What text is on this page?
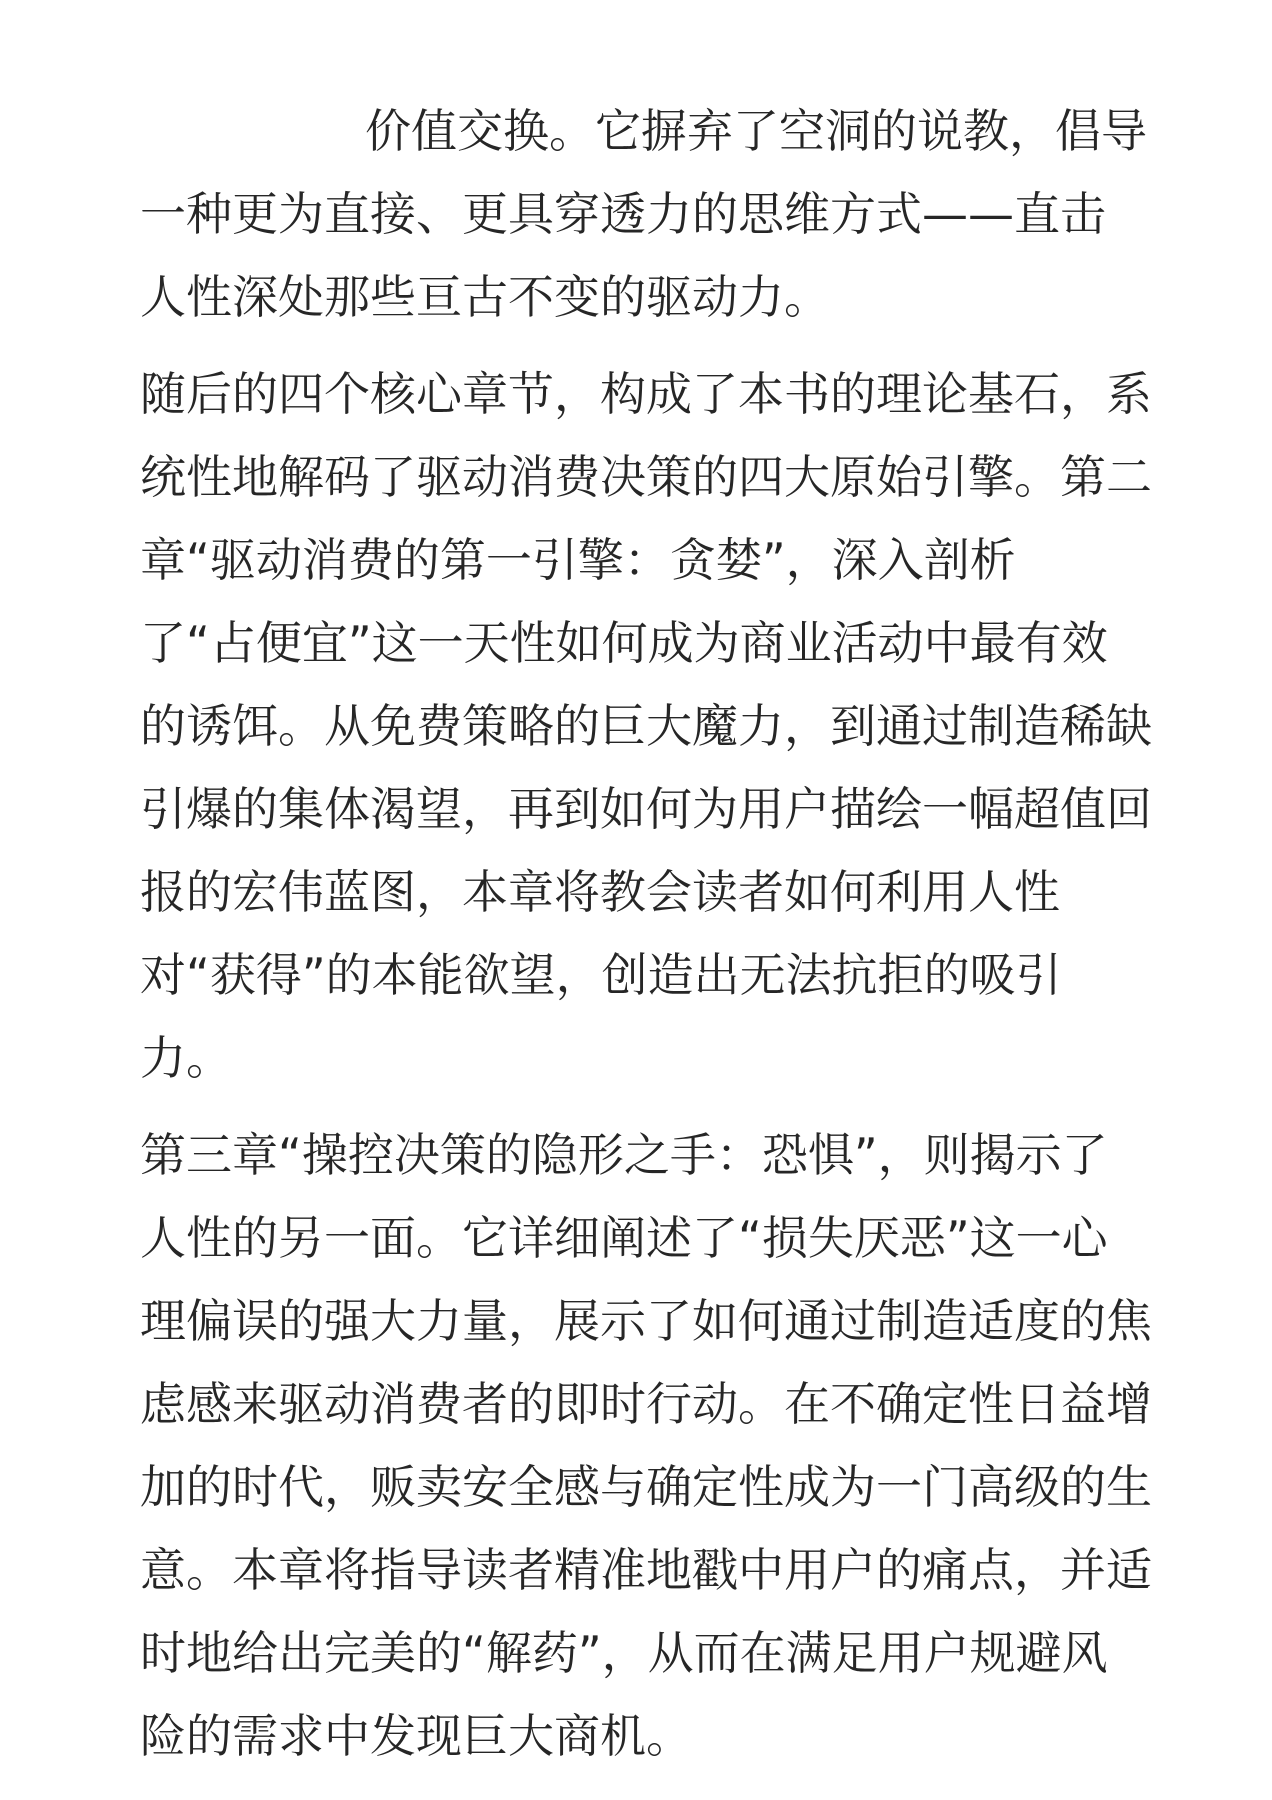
价值交换。它摒弃了空洞的说教，倡导
一种更为直接、更具穿透力的思维方式——直击
人性深处那些亘古不变的驱动力。
随后的四个核心章节，构成了本书的理论基石，系
统性地解码了驱动消费决策的四大原始引擎。第二
章“驱动消费的第一引擎：贪婪”，深入剖析
了“占便宜”这一天性如何成为商业活动中最有效
的诱饵。从免费策略的巨大魔力，到通过制造稀缺
引爆的集体渴望，再到如何为用户描绘一幅超值回
报的宏伟蓝图，本章将教会读者如何利用人性
对“获得”的本能欲望，创造出无法抗拒的吸引
力。
第三章“操控决策的隐形之手：恐惧”，则揭示了
人性的另一面。它详细阐述了“损失厌恶”这一心
理偏误的强大力量，展示了如何通过制造适度的焦
虑感来驱动消费者的即时行动。在不确定性日益增
加的时代，贩卖安全感与确定性成为一门高级的生
意。本章将指导读者精准地戳中用户的痛点，并适
时地给出完美的“解药”，从而在满足用户规避风
险的需求中发现巨大商机。
